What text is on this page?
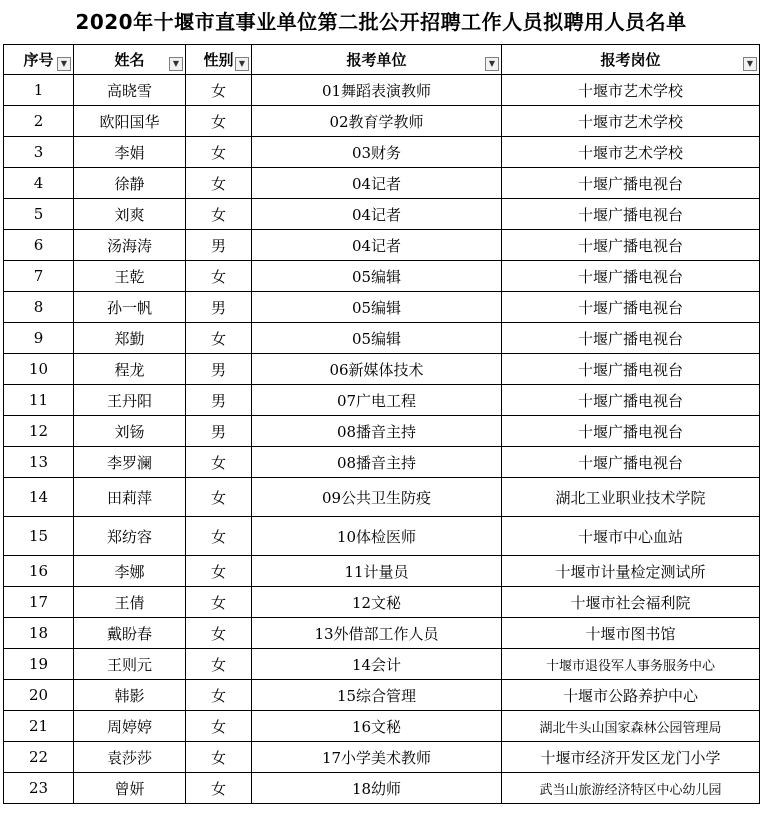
2020年十堰市直事业单位第二批公开招聘工作人员拟聘用人员名单
序号 ▼	姓名 ▼	性别 ▼	报考单位 ▼	报考岗位 ▼

1	高晓雪	女	01舞蹈表演教师	十堰市艺术学校
2	欧阳国华	女	02教育学教师	十堰市艺术学校
3	李娟	女	03财务	十堰市艺术学校
4	徐静	女	04记者	十堰广播电视台
5	刘爽	女	04记者	十堰广播电视台
6	汤海涛	男	04记者	十堰广播电视台
7	王乾	女	05编辑	十堰广播电视台
8	孙一帆	男	05编辑	十堰广播电视台
9	郑勤	女	05编辑	十堰广播电视台
10	程龙	男	06新媒体技术	十堰广播电视台
11	王丹阳	男	07广电工程	十堰广播电视台
12	刘钖	男	08播音主持	十堰广播电视台
13	李罗澜	女	08播音主持	十堰广播电视台
14	田莉萍	女	09公共卫生防疫	湖北工业职业技术学院
15	郑纺容	女	10体检医师	十堰市中心血站
16	李娜	女	11计量员	十堰市计量检定测试所
17	王倩	女	12文秘	十堰市社会福利院
18	戴盼春	女	13外借部工作人员	十堰市图书馆
19	王则元	女	14会计	十堰市退役军人事务服务中心
20	韩影	女	15综合管理	十堰市公路养护中心
21	周婷婷	女	16文秘	湖北牛头山国家森林公园管理局
22	袁莎莎	女	17小学美术教师	十堰市经济开发区龙门小学
23	曾妍	女	18幼师	武当山旅游经济特区中心幼儿园
